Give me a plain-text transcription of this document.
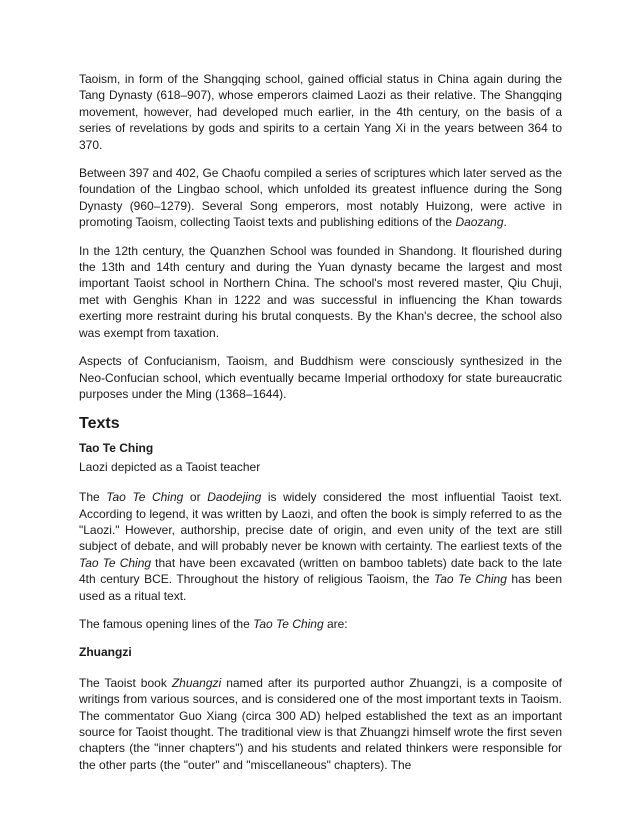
Taoism, in form of the Shangqing school, gained official status in China again during the Tang Dynasty (618–907), whose emperors claimed Laozi as their relative. The Shangqing movement, however, had developed much earlier, in the 4th century, on the basis of a series of revelations by gods and spirits to a certain Yang Xi in the years between 364 to 370.

Between 397 and 402, Ge Chaofu compiled a series of scriptures which later served as the foundation of the Lingbao school, which unfolded its greatest influence during the Song Dynasty (960–1279). Several Song emperors, most notably Huizong, were active in promoting Taoism, collecting Taoist texts and publishing editions of the Daozang.

In the 12th century, the Quanzhen School was founded in Shandong. It flourished during the 13th and 14th century and during the Yuan dynasty became the largest and most important Taoist school in Northern China. The school's most revered master, Qiu Chuji, met with Genghis Khan in 1222 and was successful in influencing the Khan towards exerting more restraint during his brutal conquests. By the Khan's decree, the school also was exempt from taxation.

Aspects of Confucianism, Taoism, and Buddhism were consciously synthesized in the Neo-Confucian school, which eventually became Imperial orthodoxy for state bureaucratic purposes under the Ming (1368–1644).

Texts
Tao Te Ching
Laozi depicted as a Taoist teacher

The Tao Te Ching or Daodejing is widely considered the most influential Taoist text. According to legend, it was written by Laozi, and often the book is simply referred to as the "Laozi." However, authorship, precise date of origin, and even unity of the text are still subject of debate, and will probably never be known with certainty. The earliest texts of the Tao Te Ching that have been excavated (written on bamboo tablets) date back to the late 4th century BCE. Throughout the history of religious Taoism, the Tao Te Ching has been used as a ritual text.

The famous opening lines of the Tao Te Ching are:

Zhuangzi

The Taoist book Zhuangzi named after its purported author Zhuangzi, is a composite of writings from various sources, and is considered one of the most important texts in Taoism. The commentator Guo Xiang (circa 300 AD) helped established the text as an important source for Taoist thought. The traditional view is that Zhuangzi himself wrote the first seven chapters (the "inner chapters") and his students and related thinkers were responsible for the other parts (the "outer" and "miscellaneous" chapters). The
